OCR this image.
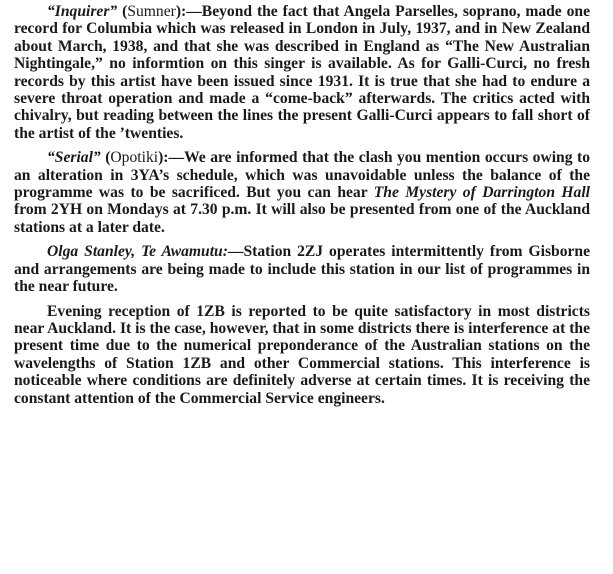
“Inquirer” (Sumner):—Beyond the fact that Angela Parselles, soprano, made one record for Columbia which was released in London in July, 1937, and in New Zealand about March, 1938, and that she was described in England as “The New Australian Nightingale,” no informtion on this singer is available. As for Galli-Curci, no fresh records by this artist have been issued since 1931. It is true that she had to endure a severe throat operation and made a “come-back” afterwards. The critics acted with chivalry, but reading between the lines the present Galli-Curci appears to fall short of the artist of the ’twenties.

“Serial” (Opotiki):—We are informed that the clash you mention occurs owing to an alteration in 3YA’s schedule, which was unavoidable unless the balance of the programme was to be sacrificed. But you can hear The Mystery of Darrington Hall from 2YH on Mondays at 7.30 p.m. It will also be presented from one of the Auckland stations at a later date.

Olga Stanley, Te Awamutu:—Station 2ZJ operates intermittently from Gisborne and arrangements are being made to include this station in our list of programmes in the near future.

Evening reception of 1ZB is reported to be quite satisfactory in most districts near Auckland. It is the case, however, that in some districts there is interference at the present time due to the numerical preponderance of the Australian stations on the wavelengths of Station 1ZB and other Commercial stations. This interference is noticeable where conditions are definitely adverse at certain times. It is receiving the constant attention of the Commercial Service engineers.
